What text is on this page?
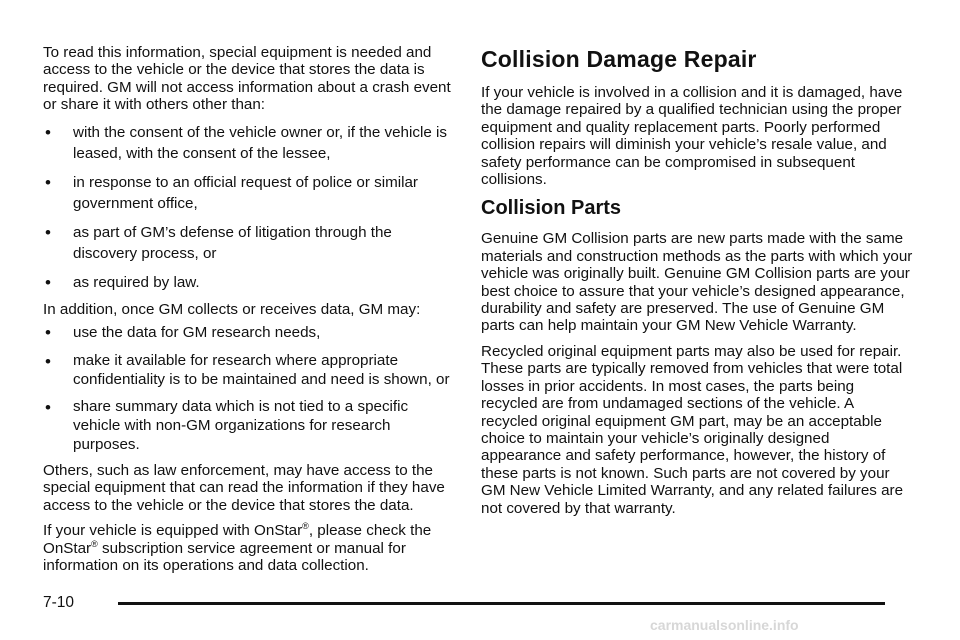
To read this information, special equipment is needed and access to the vehicle or the device that stores the data is required. GM will not access information about a crash event or share it with others other than:

• with the consent of the vehicle owner or, if the vehicle is leased, with the consent of the lessee,
• in response to an official request of police or similar government office,
• as part of GM’s defense of litigation through the discovery process, or
• as required by law.

In addition, once GM collects or receives data, GM may:

• use the data for GM research needs,
• make it available for research where appropriate confidentiality is to be maintained and need is shown, or
• share summary data which is not tied to a specific vehicle with non-GM organizations for research purposes.

Others, such as law enforcement, may have access to the special equipment that can read the information if they have access to the vehicle or the device that stores the data.

If your vehicle is equipped with OnStar®, please check the OnStar® subscription service agreement or manual for information on its operations and data collection.

Collision Damage Repair

If your vehicle is involved in a collision and it is damaged, have the damage repaired by a qualified technician using the proper equipment and quality replacement parts. Poorly performed collision repairs will diminish your vehicle’s resale value, and safety performance can be compromised in subsequent collisions.

Collision Parts

Genuine GM Collision parts are new parts made with the same materials and construction methods as the parts with which your vehicle was originally built. Genuine GM Collision parts are your best choice to assure that your vehicle’s designed appearance, durability and safety are preserved. The use of Genuine GM parts can help maintain your GM New Vehicle Warranty.

Recycled original equipment parts may also be used for repair. These parts are typically removed from vehicles that were total losses in prior accidents. In most cases, the parts being recycled are from undamaged sections of the vehicle. A recycled original equipment GM part, may be an acceptable choice to maintain your vehicle’s originally designed appearance and safety performance, however, the history of these parts is not known. Such parts are not covered by your GM New Vehicle Limited Warranty, and any related failures are not covered by that warranty.

7-10
carmanualsonline.info
